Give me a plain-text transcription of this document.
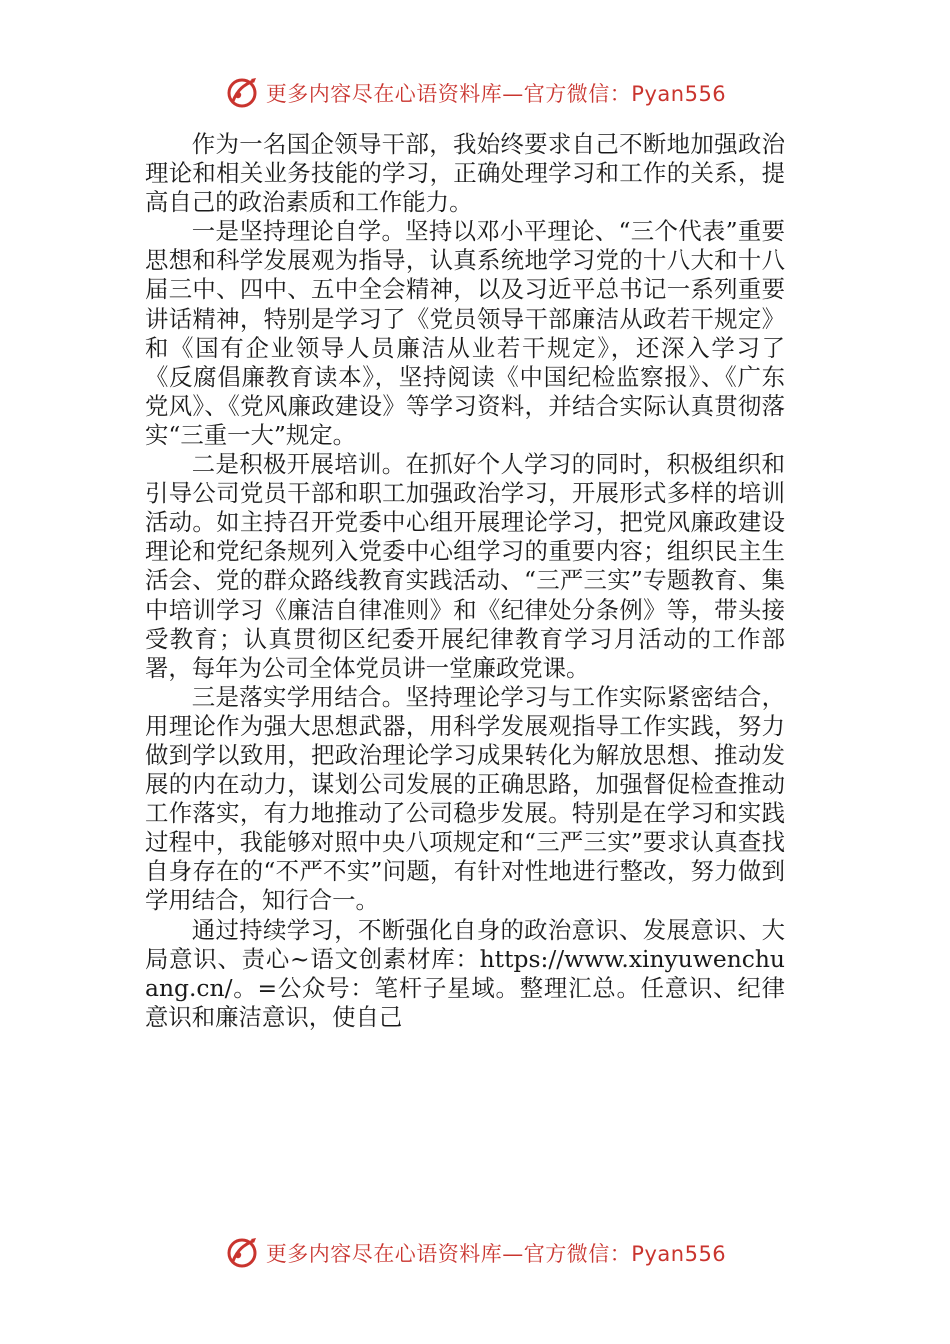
更多内容尽在心语资料库—官方微信：Pyan556

作为一名国企领导干部，我始终要求自己不断地加强政治理论和相关业务技能的学习，正确处理学习和工作的关系，提高自己的政治素质和工作能力。

一是坚持理论自学。坚持以邓小平理论、“三个代表”重要思想和科学发展观为指导，认真系统地学习党的十八大和十八届三中、四中、五中全会精神，以及习近平总书记一系列重要讲话精神，特别是学习了《党员领导干部廉洁从政若干规定》和《国有企业领导人员廉洁从业若干规定》，还深入学习了《反腐倡廉教育读本》，坚持阅读《中国纪检监察报》、《广东党风》、《党风廉政建设》等学习资料，并结合实际认真贯彻落实“三重一大”规定。

二是积极开展培训。在抓好个人学习的同时，积极组织和引导公司党员干部和职工加强政治学习，开展形式多样的培训活动。如主持召开党委中心组开展理论学习，把党风廉政建设理论和党纪条规列入党委中心组学习的重要内容；组织民主生活会、党的群众路线教育实践活动、“三严三实”专题教育、集中培训学习《廉洁自律准则》和《纪律处分条例》等，带头接受教育；认真贯彻区纪委开展纪律教育学习月活动的工作部署，每年为公司全体党员讲一堂廉政党课。

三是落实学用结合。坚持理论学习与工作实际紧密结合，用理论作为强大思想武器，用科学发展观指导工作实践，努力做到学以致用，把政治理论学习成果转化为解放思想、推动发展的内在动力，谋划公司发展的正确思路，加强督促检查推动工作落实，有力地推动了公司稳步发展。特别是在学习和实践过程中，我能够对照中央八项规定和“三严三实”要求认真查找自身存在的“不严不实”问题，有针对性地进行整改，努力做到学用结合，知行合一。

通过持续学习，不断强化自身的政治意识、发展意识、大局意识、责心~语文创素材库：https://www.xinyuwenchuang.cn/。=公众号：笔杆子星域。整理汇总。任意识、纪律意识和廉洁意识，使自己

更多内容尽在心语资料库—官方微信：Pyan556
